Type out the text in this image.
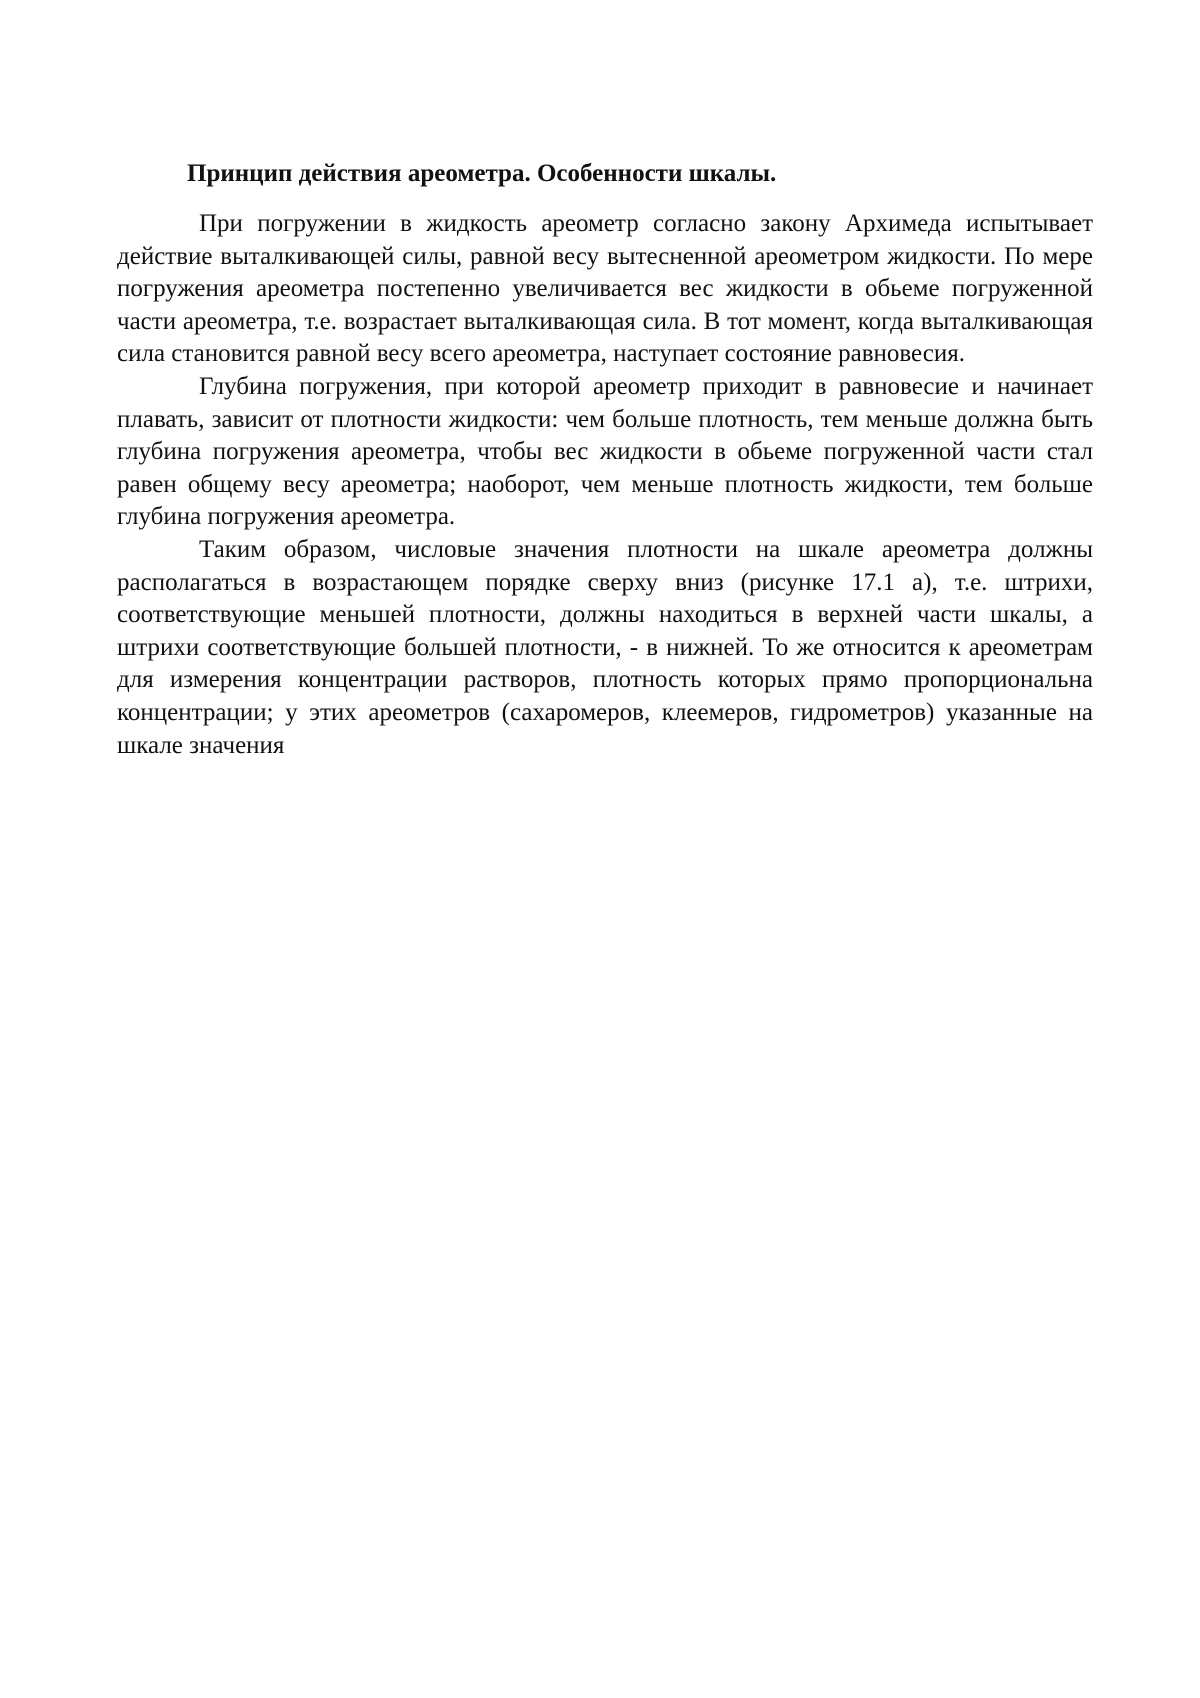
Принцип действия ареометра. Особенности шкалы.

При погружении в жидкость ареометр согласно закону Архимеда испытывает действие выталкивающей силы, равной весу вытесненной ареометром жидкости. По мере погружения ареометра постепенно увеличивается вес жидкости в обьеме погруженной части ареометра, т.е. возрастает выталкивающая сила. В тот момент, когда выталкивающая сила становится равной весу всего ареометра, наступает состояние равновесия.

Глубина погружения, при которой ареометр приходит в равновесие и начинает плавать, зависит от плотности жидкости: чем больше плотность, тем меньше должна быть глубина погружения ареометра, чтобы вес жидкости в обьеме погруженной части стал равен общему весу ареометра; наоборот, чем меньше плотность жидкости, тем больше глубина погружения ареометра.

Таким образом, числовые значения плотности на шкале ареометра должны располагаться в возрастающем порядке сверху вниз (рисунке 17.1 а), т.е. штрихи, соответствующие меньшей плотности, должны находиться в верхней части шкалы, а штрихи соответствующие большей плотности, - в нижней. То же относится к ареометрам для измерения концентрации растворов, плотность которых прямо пропорциональна концентрации; у этих ареометров (сахаромеров, клеемеров, гидрометров) указанные на шкале значения
